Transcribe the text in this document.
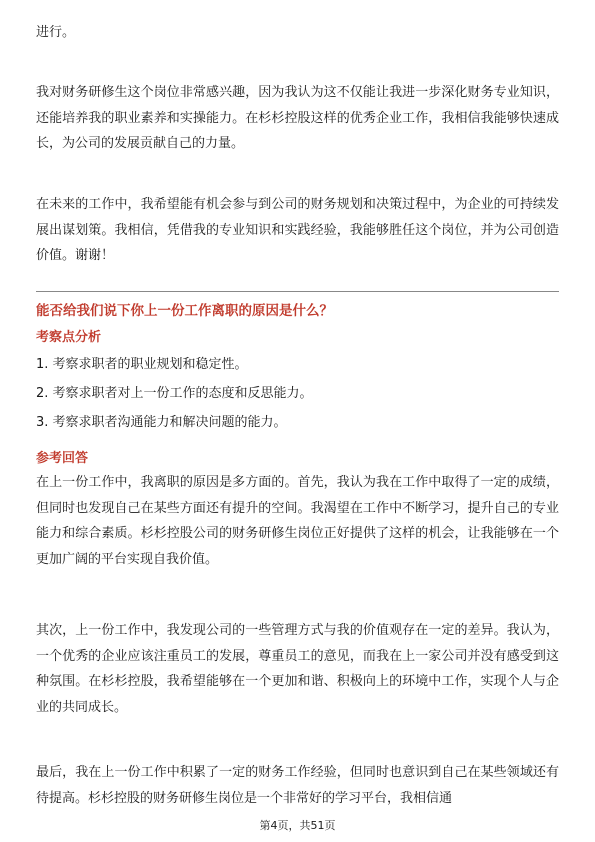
进行。

我对财务研修生这个岗位非常感兴趣，因为我认为这不仅能让我进一步深化财务专业知识，还能培养我的职业素养和实操能力。在杉杉控股这样的优秀企业工作，我相信我能够快速成长，为公司的发展贡献自己的力量。

在未来的工作中，我希望能有机会参与到公司的财务规划和决策过程中，为企业的可持续发展出谋划策。我相信，凭借我的专业知识和实践经验，我能够胜任这个岗位，并为公司创造价值。谢谢！

能否给我们说下你上一份工作离职的原因是什么？

考察点分析

1. 考察求职者的职业规划和稳定性。
2. 考察求职者对上一份工作的态度和反思能力。
3. 考察求职者沟通能力和解决问题的能力。

参考回答

在上一份工作中，我离职的原因是多方面的。首先，我认为我在工作中取得了一定的成绩，但同时也发现自己在某些方面还有提升的空间。我渴望在工作中不断学习，提升自己的专业能力和综合素质。杉杉控股公司的财务研修生岗位正好提供了这样的机会，让我能够在一个更加广阔的平台实现自我价值。

其次，上一份工作中，我发现公司的一些管理方式与我的价值观存在一定的差异。我认为，一个优秀的企业应该注重员工的发展，尊重员工的意见，而我在上一家公司并没有感受到这种氛围。在杉杉控股，我希望能够在一个更加和谐、积极向上的环境中工作，实现个人与企业的共同成长。

最后，我在上一份工作中积累了一定的财务工作经验，但同时也意识到自己在某些领域还有待提高。杉杉控股的财务研修生岗位是一个非常好的学习平台，我相信通

第4页，共51页
